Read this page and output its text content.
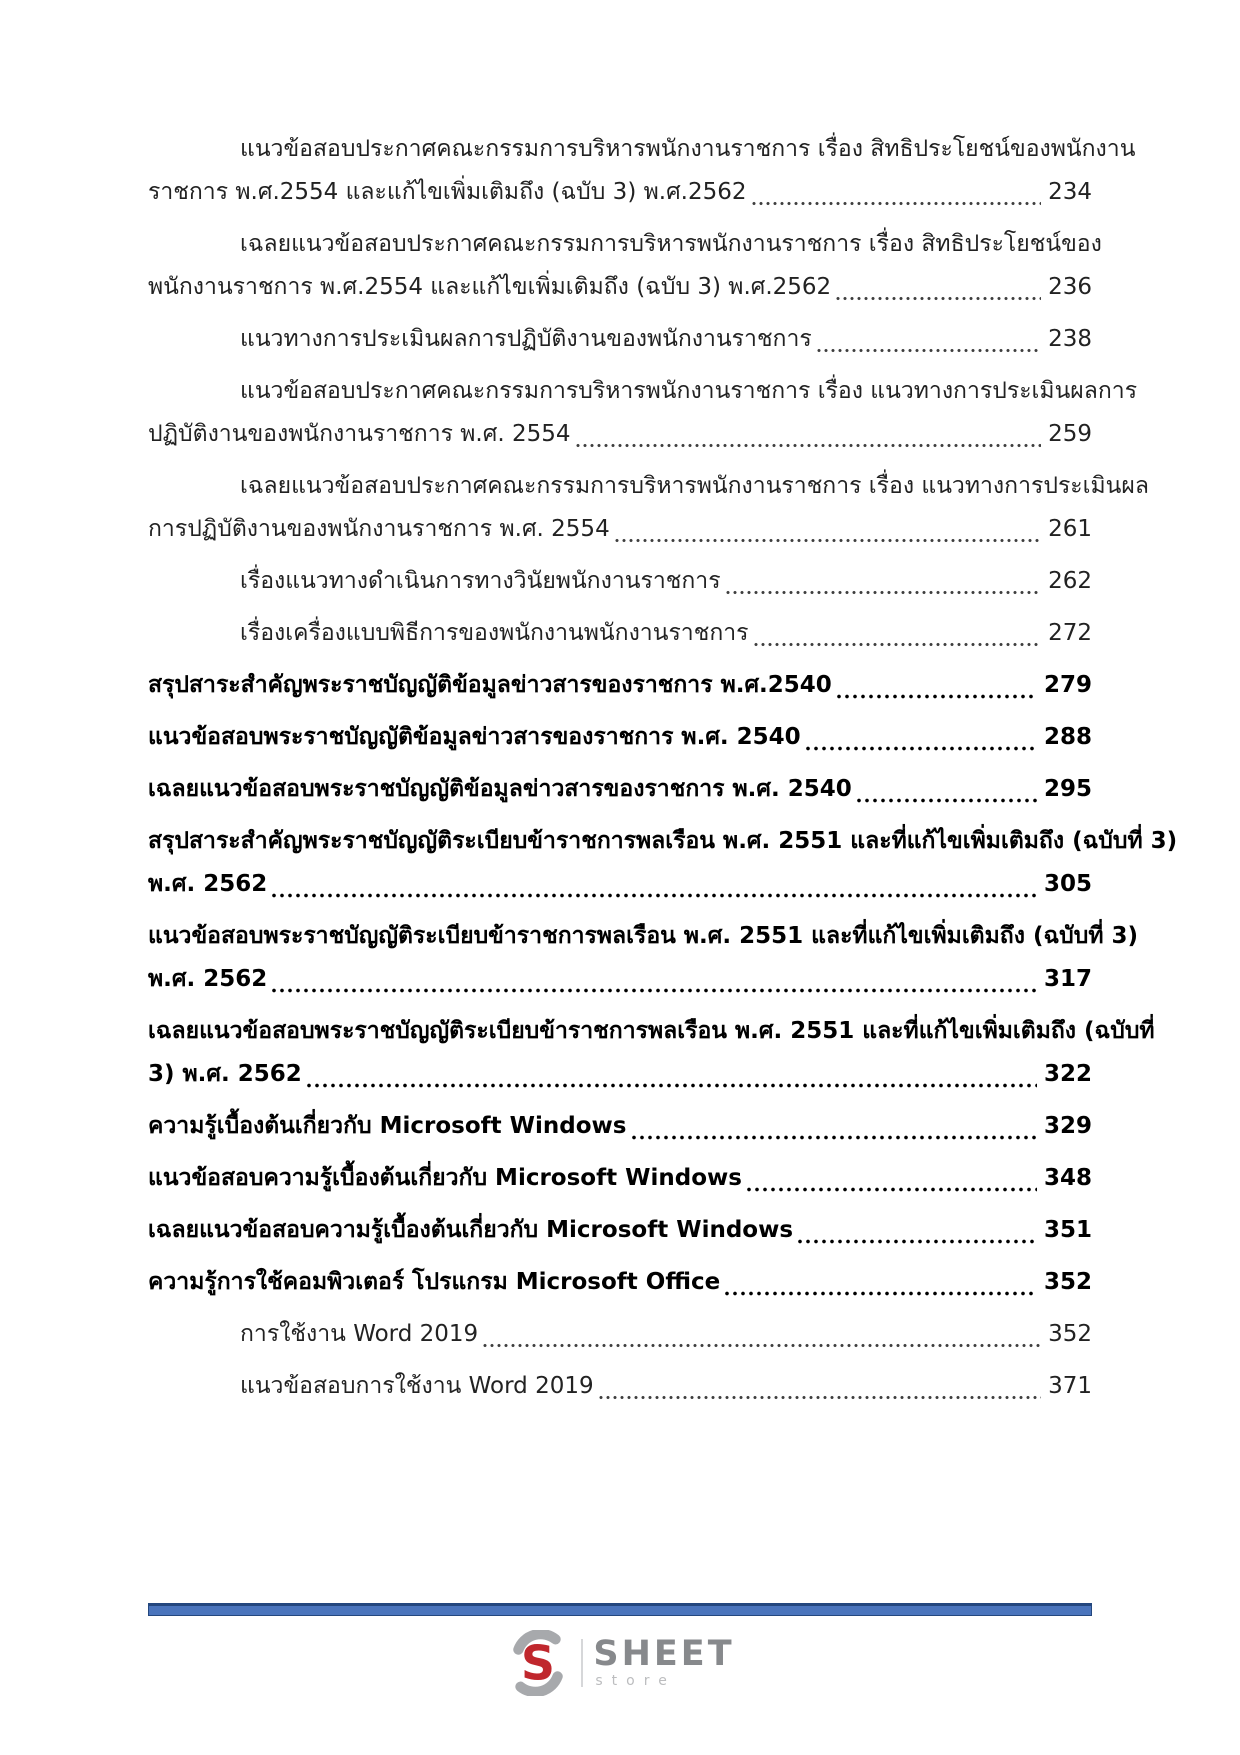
แนวข้อสอบประกาศคณะกรรมการบริหารพนักงานราชการ เรื่อง สิทธิประโยชน์ของพนักงาน
ราชการ พ.ศ.2554 และแก้ไขเพิ่มเติมถึง (ฉบับ 3) พ.ศ.2562	234
เฉลยแนวข้อสอบประกาศคณะกรรมการบริหารพนักงานราชการ เรื่อง สิทธิประโยชน์ของ
พนักงานราชการ พ.ศ.2554 และแก้ไขเพิ่มเติมถึง (ฉบับ 3) พ.ศ.2562	236
แนวทางการประเมินผลการปฏิบัติงานของพนักงานราชการ	238
แนวข้อสอบประกาศคณะกรรมการบริหารพนักงานราชการ เรื่อง แนวทางการประเมินผลการ
ปฏิบัติงานของพนักงานราชการ พ.ศ. 2554	259
เฉลยแนวข้อสอบประกาศคณะกรรมการบริหารพนักงานราชการ เรื่อง แนวทางการประเมินผล
การปฏิบัติงานของพนักงานราชการ พ.ศ. 2554	261
เรื่องแนวทางดำเนินการทางวินัยพนักงานราชการ	262
เรื่องเครื่องแบบพิธีการของพนักงานพนักงานราชการ	272
สรุปสาระสำคัญพระราชบัญญัติข้อมูลข่าวสารของราชการ พ.ศ.2540	279
แนวข้อสอบพระราชบัญญัติข้อมูลข่าวสารของราชการ พ.ศ. 2540	288
เฉลยแนวข้อสอบพระราชบัญญัติข้อมูลข่าวสารของราชการ พ.ศ. 2540	295
สรุปสาระสำคัญพระราชบัญญัติระเบียบข้าราชการพลเรือน พ.ศ. 2551 และที่แก้ไขเพิ่มเติมถึง (ฉบับที่ 3)
พ.ศ. 2562	305
แนวข้อสอบพระราชบัญญัติระเบียบข้าราชการพลเรือน พ.ศ. 2551 และที่แก้ไขเพิ่มเติมถึง (ฉบับที่ 3)
พ.ศ. 2562	317
เฉลยแนวข้อสอบพระราชบัญญัติระเบียบข้าราชการพลเรือน พ.ศ. 2551 และที่แก้ไขเพิ่มเติมถึง (ฉบับที่
3) พ.ศ. 2562	322
ความรู้เบื้องต้นเกี่ยวกับ Microsoft Windows	329
แนวข้อสอบความรู้เบื้องต้นเกี่ยวกับ Microsoft Windows	348
เฉลยแนวข้อสอบความรู้เบื้องต้นเกี่ยวกับ Microsoft Windows	351
ความรู้การใช้คอมพิวเตอร์ โปรแกรม Microsoft Office	352
การใช้งาน Word 2019	352
แนวข้อสอบการใช้งาน Word 2019	371
S SHEET
store
